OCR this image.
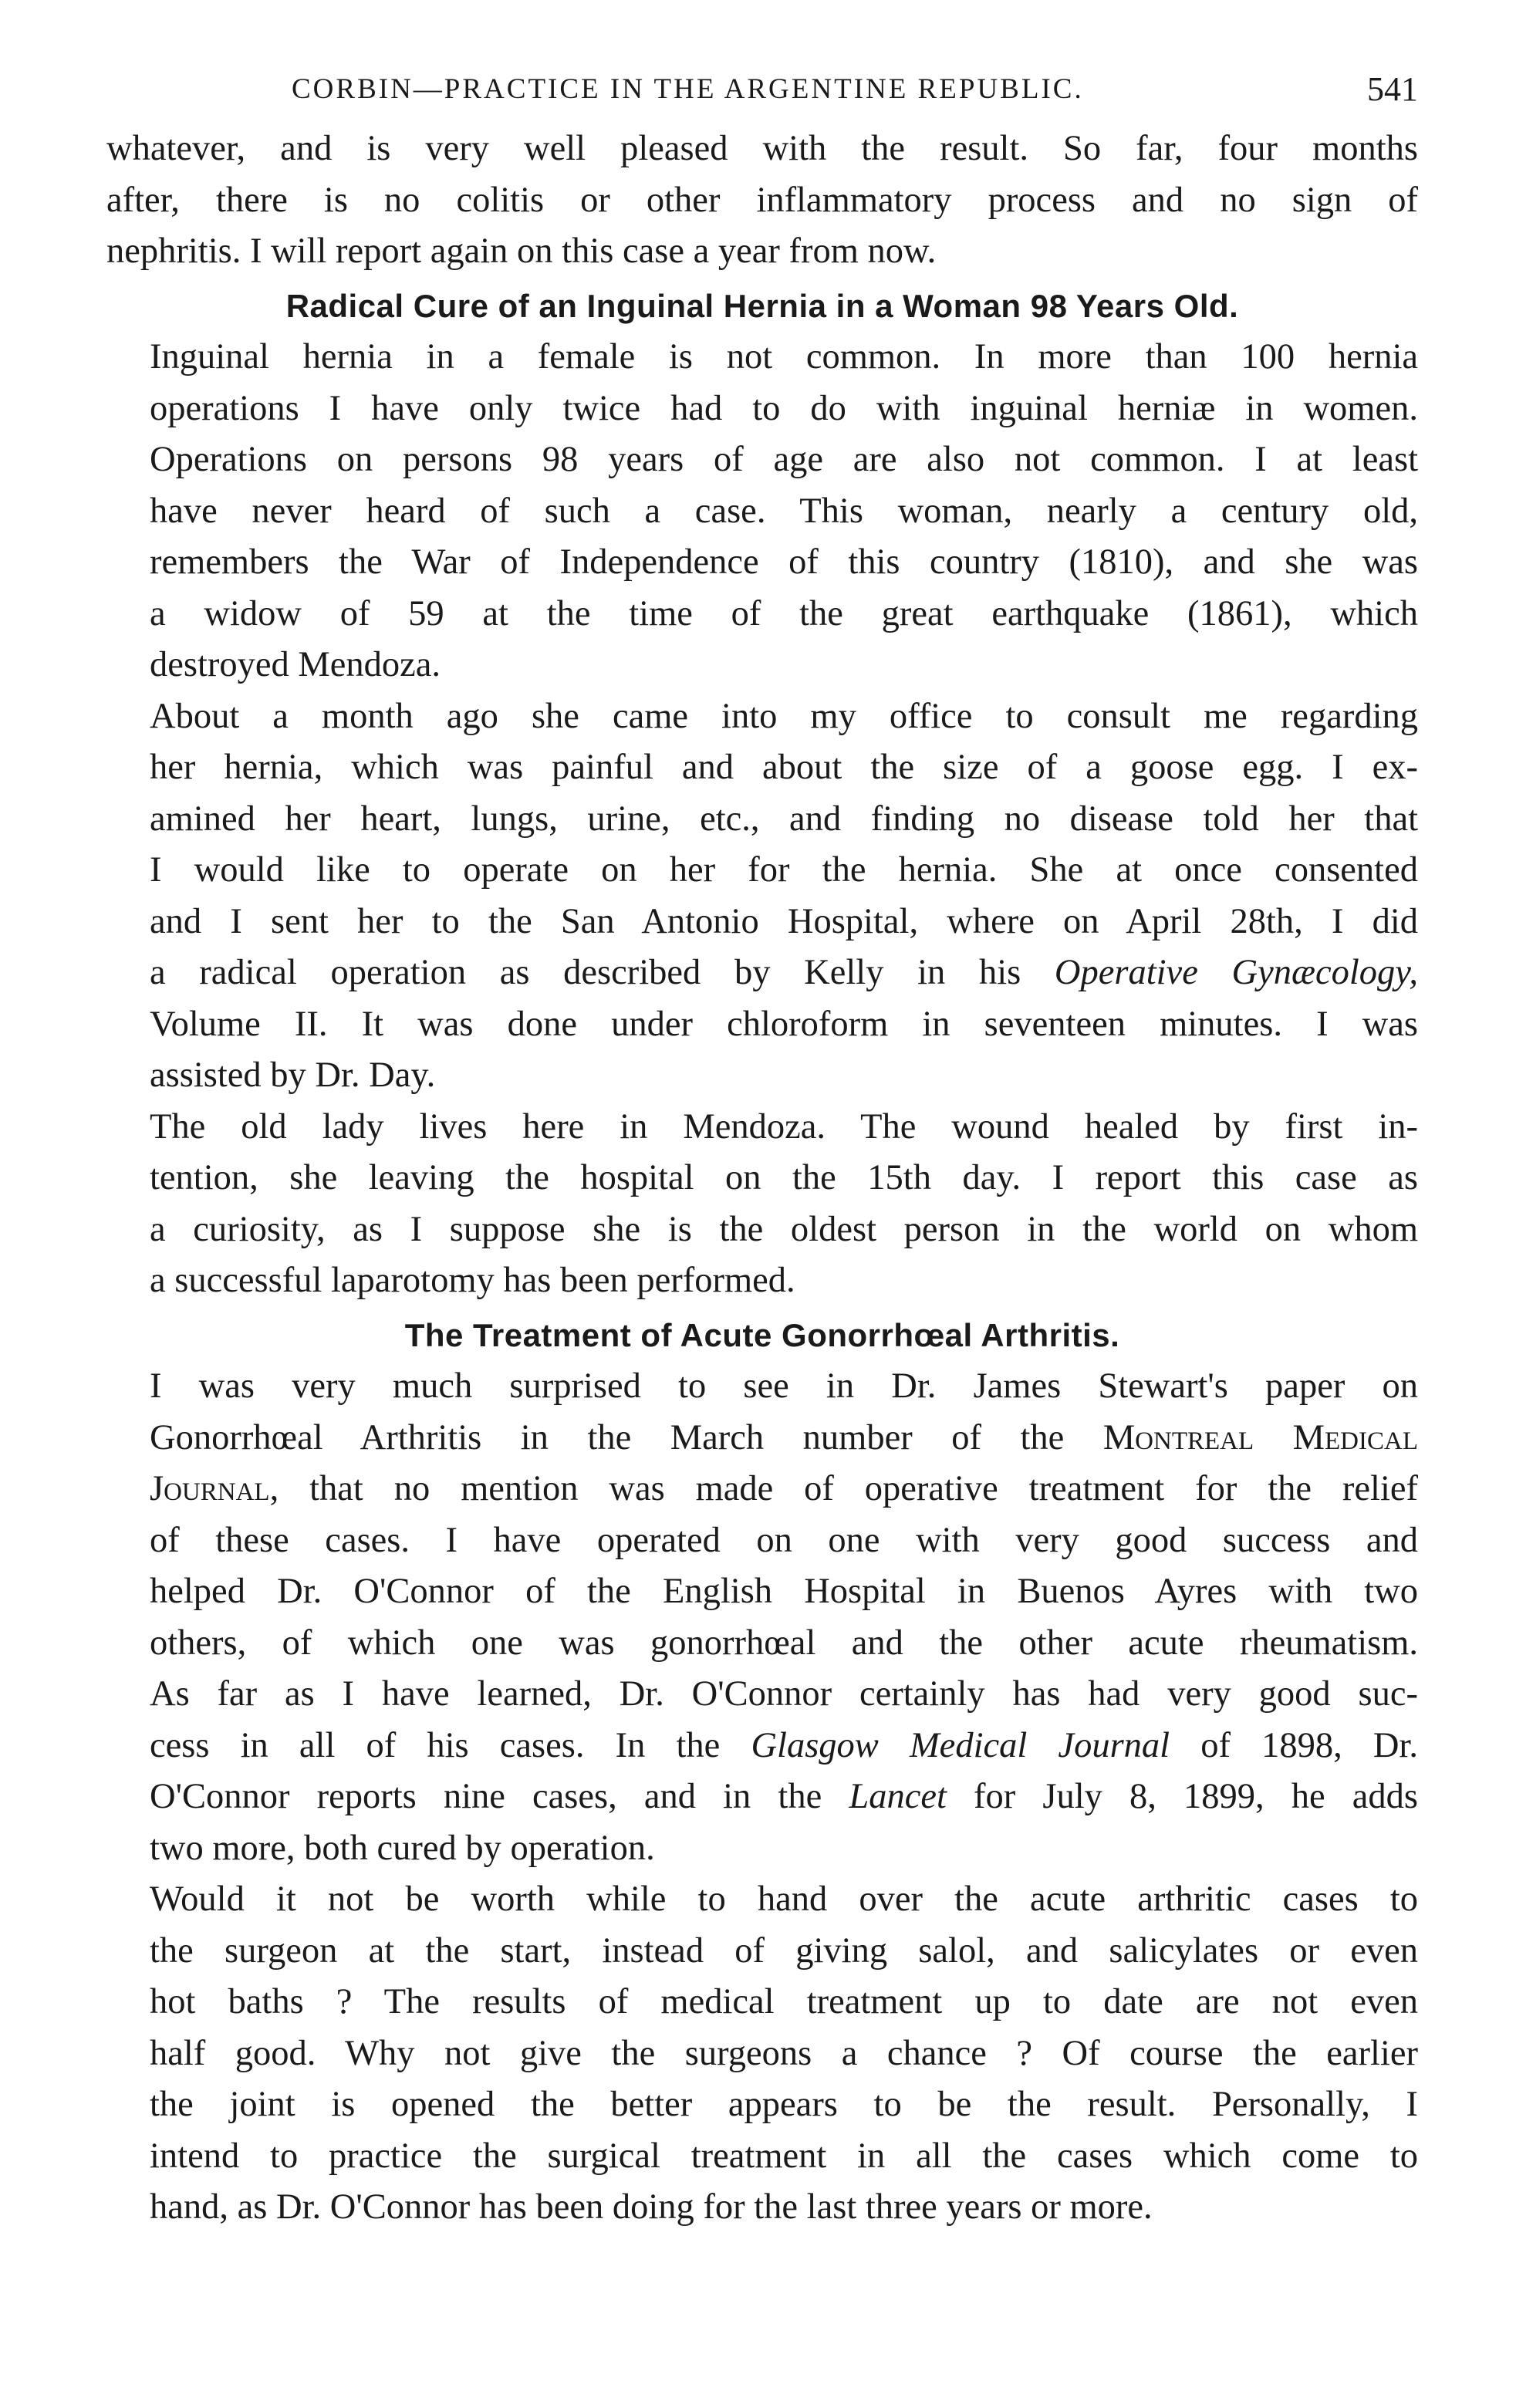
CORBIN—PRACTICE IN THE ARGENTINE REPUBLIC.	541

whatever, and is very well pleased with the result. So far, four months
after, there is no colitis or other inflammatory process and no sign of
nephritis. I will report again on this case a year from now.

Radical Cure of an Inguinal Hernia in a Woman 98 Years Old.

Inguinal hernia in a female is not common. In more than 100 hernia
operations I have only twice had to do with inguinal herniæ in women.
Operations on persons 98 years of age are also not common. I at least
have never heard of such a case. This woman, nearly a century old,
remembers the War of Independence of this country (1810), and she was
a widow of 59 at the time of the great earthquake (1861), which
destroyed Mendoza.

About a month ago she came into my office to consult me regarding
her hernia, which was painful and about the size of a goose egg. I ex-
amined her heart, lungs, urine, etc., and finding no disease told her that
I would like to operate on her for the hernia. She at once consented
and I sent her to the San Antonio Hospital, where on April 28th, I did
a radical operation as described by Kelly in his Operative Gynæcology,
Volume II. It was done under chloroform in seventeen minutes. I was
assisted by Dr. Day.

The old lady lives here in Mendoza. The wound healed by first in-
tention, she leaving the hospital on the 15th day. I report this case as
a curiosity, as I suppose she is the oldest person in the world on whom
a successful laparotomy has been performed.

The Treatment of Acute Gonorrhœal Arthritis.

I was very much surprised to see in Dr. James Stewart's paper on
Gonorrhœal Arthritis in the March number of the Montreal Medical
Journal, that no mention was made of operative treatment for the relief
of these cases. I have operated on one with very good success and
helped Dr. O'Connor of the English Hospital in Buenos Ayres with two
others, of which one was gonorrhœal and the other acute rheumatism.
As far as I have learned, Dr. O'Connor certainly has had very good suc-
cess in all of his cases. In the Glasgow Medical Journal of 1898, Dr.
O'Connor reports nine cases, and in the Lancet for July 8, 1899, he adds
two more, both cured by operation.

Would it not be worth while to hand over the acute arthritic cases to
the surgeon at the start, instead of giving salol, and salicylates or even
hot baths ? The results of medical treatment up to date are not even
half good. Why not give the surgeons a chance ? Of course the earlier
the joint is opened the better appears to be the result. Personally, I
intend to practice the surgical treatment in all the cases which come to
hand, as Dr. O'Connor has been doing for the last three years or more.
